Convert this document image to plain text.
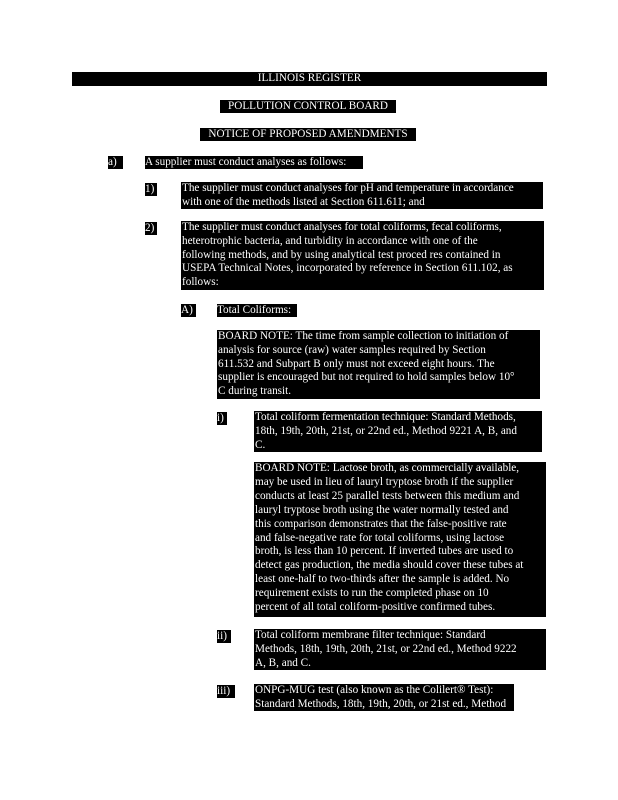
ILLINOIS REGISTER
POLLUTION CONTROL BOARD
NOTICE OF PROPOSED AMENDMENTS
a)	A supplier must conduct analyses as follows:
1) The supplier must conduct analyses for pH and temperature in accordance
with one of the methods listed at Section 611.611; and
2) The supplier must conduct analyses for total coliforms, fecal coliforms,
heterotrophic bacteria, and turbidity in accordance with one of the
following methods, and by using analytical test proced res contained in
USEPA Technical Notes, incorporated by reference in Section 611.102, as
follows:
A) Total Coliforms:
BOARD NOTE: The time from sample collection to initiation of
analysis for source (raw) water samples required by Section
611.532 and Subpart B only must not exceed eight hours. The
supplier is encouraged but not required to hold samples below 10°
C during transit.
i)	Total coliform fermentation technique: Standard Methods,
18th, 19th, 20th, 21st, or 22nd ed., Method 9221 A, B, and
C.
BOARD NOTE: Lactose broth, as commercially available,
may be used in lieu of lauryl tryptose broth if the supplier
conducts at least 25 parallel tests between this medium and
lauryl tryptose broth using the water normally tested and
this comparison demonstrates that the false-positive rate
and false-negative rate for total coliforms, using lactose
broth, is less than 10 percent. If inverted tubes are used to
detect gas production, the media should cover these tubes at
least one-half to two-thirds after the sample is added. No
requirement exists to run the completed phase on 10
percent of all total coliform-positive confirmed tubes.
ii)	Total coliform membrane filter technique: Standard
Methods, 18th, 19th, 20th, 21st, or 22nd ed., Method 9222
A, B, and C.
iii)	ONPG-MUG test (also known as the Colilert® Test):
Standard Methods, 18th, 19th, 20th, or 21st ed., Method
